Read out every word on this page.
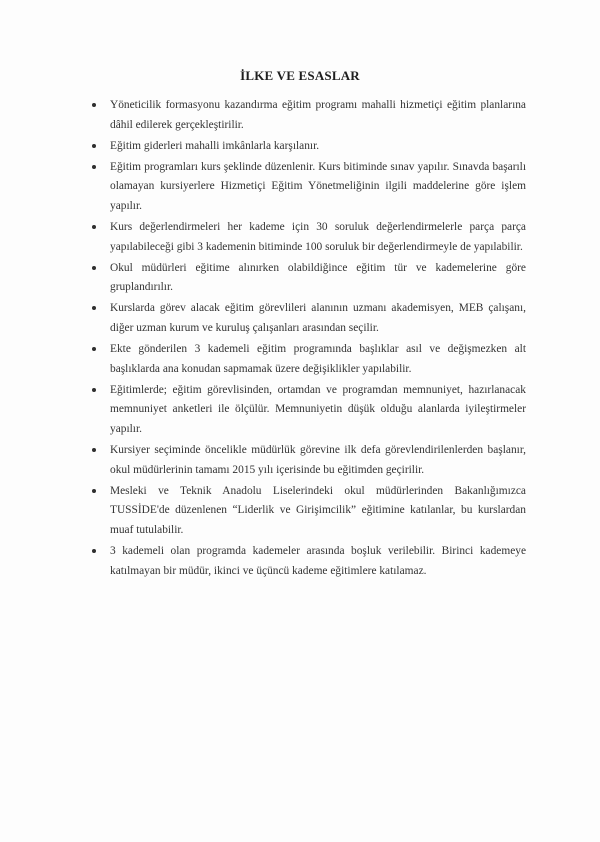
İLKE VE ESASLAR
Yöneticilik formasyonu kazandırma eğitim programı mahalli hizmetiçi eğitim planlarına dâhil edilerek gerçekleştirilir.
Eğitim giderleri mahalli imkânlarla karşılanır.
Eğitim programları kurs şeklinde düzenlenir. Kurs bitiminde sınav yapılır. Sınavda başarılı olamayan kursiyerlere Hizmetiçi Eğitim Yönetmeliğinin ilgili maddelerine göre işlem yapılır.
Kurs değerlendirmeleri her kademe için 30 soruluk değerlendirmelerle parça parça yapılabileceği gibi 3 kademenin bitiminde 100 soruluk bir değerlendirmeyle de yapılabilir.
Okul müdürleri eğitime alınırken olabildiğince eğitim tür ve kademelerine göre gruplandırılır.
Kurslarda görev alacak eğitim görevlileri alanının uzmanı akademisyen, MEB çalışanı, diğer uzman kurum ve kuruluş çalışanları arasından seçilir.
Ekte gönderilen 3 kademeli eğitim programında başlıklar asıl ve değişmezken alt başlıklarda ana konudan sapmamak üzere değişiklikler yapılabilir.
Eğitimlerde; eğitim görevlisinden, ortamdan ve programdan memnuniyet, hazırlanacak memnuniyet anketleri ile ölçülür. Memnuniyetin düşük olduğu alanlarda iyileştirmeler yapılır.
Kursiyer seçiminde öncelikle müdürlük görevine ilk defa görevlendirilenlerden başlanır, okul müdürlerinin tamamı 2015 yılı içerisinde bu eğitimden geçirilir.
Mesleki ve Teknik Anadolu Liselerindeki okul müdürlerinden Bakanlığımızca TUSSİDE'de düzenlenen “Liderlik ve Girişimcilik” eğitimine katılanlar, bu kurslardan muaf tutulabilir.
3 kademeli olan programda kademeler arasında boşluk verilebilir. Birinci kademeye katılmayan bir müdür, ikinci ve üçüncü kademe eğitimlere katılamaz.
